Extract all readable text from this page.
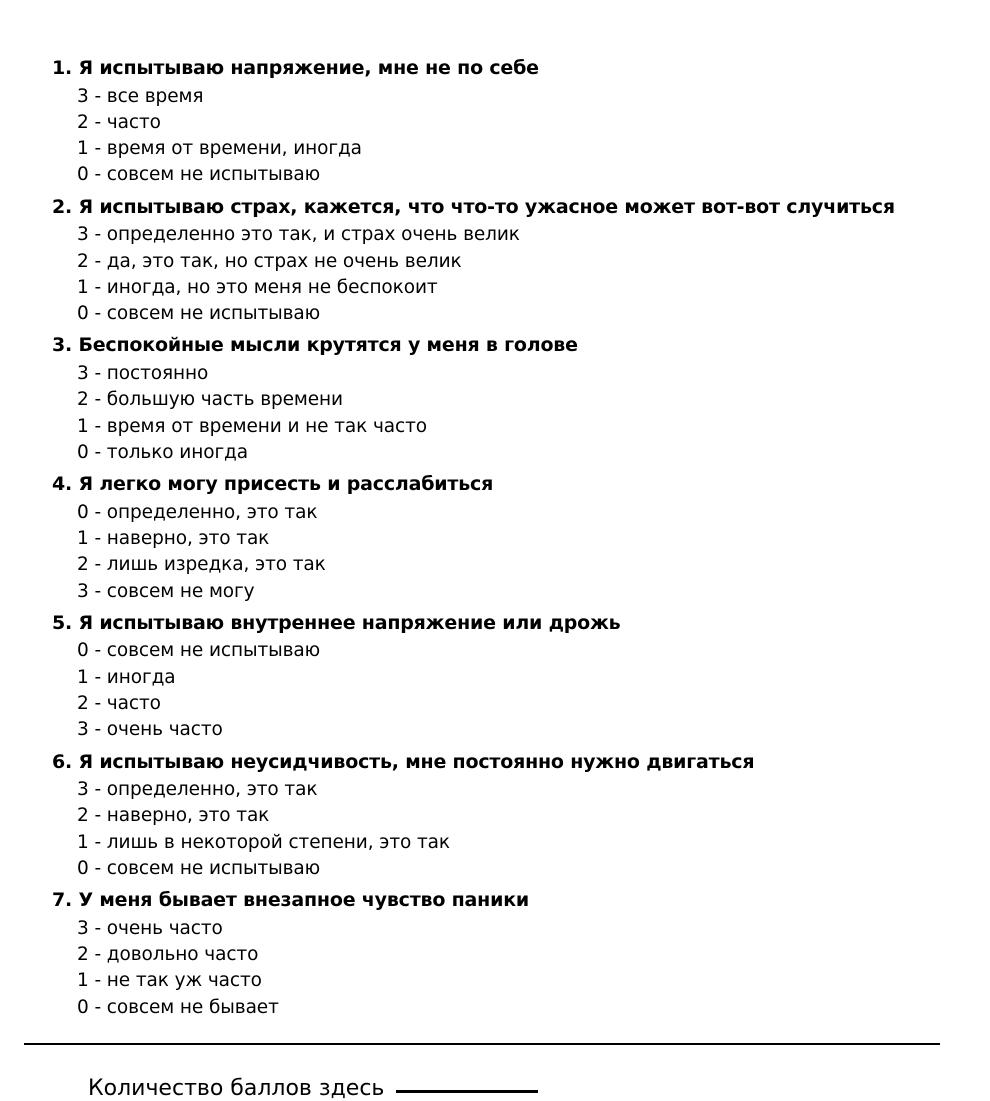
1. Я испытываю напряжение, мне не по себе
3 - все время
2 - часто
1 - время от времени, иногда
0 - совсем не испытываю
2. Я испытываю страх, кажется, что что-то ужасное может вот-вот случиться
3 - определенно это так, и страх очень велик
2 - да, это так, но страх не очень велик
1 - иногда, но это меня не беспокоит
0 - совсем не испытываю
3. Беспокойные мысли крутятся у меня в голове
3 - постоянно
2 - большую часть времени
1 - время от времени и не так часто
0 - только иногда
4. Я легко могу присесть и расслабиться
0 - определенно, это так
1 - наверно, это так
2 - лишь изредка, это так
3 - совсем не могу
5. Я испытываю внутреннее напряжение или дрожь
0 - совсем не испытываю
1 - иногда
2 - часто
3 - очень часто
6. Я испытываю неусидчивость, мне постоянно нужно двигаться
3 - определенно, это так
2 - наверно, это так
1 - лишь в некоторой степени, это так
0 - совсем не испытываю
7. У меня бывает внезапное чувство паники
3 - очень часто
2 - довольно часто
1 - не так уж часто
0 - совсем не бывает
Количество баллов здесь
